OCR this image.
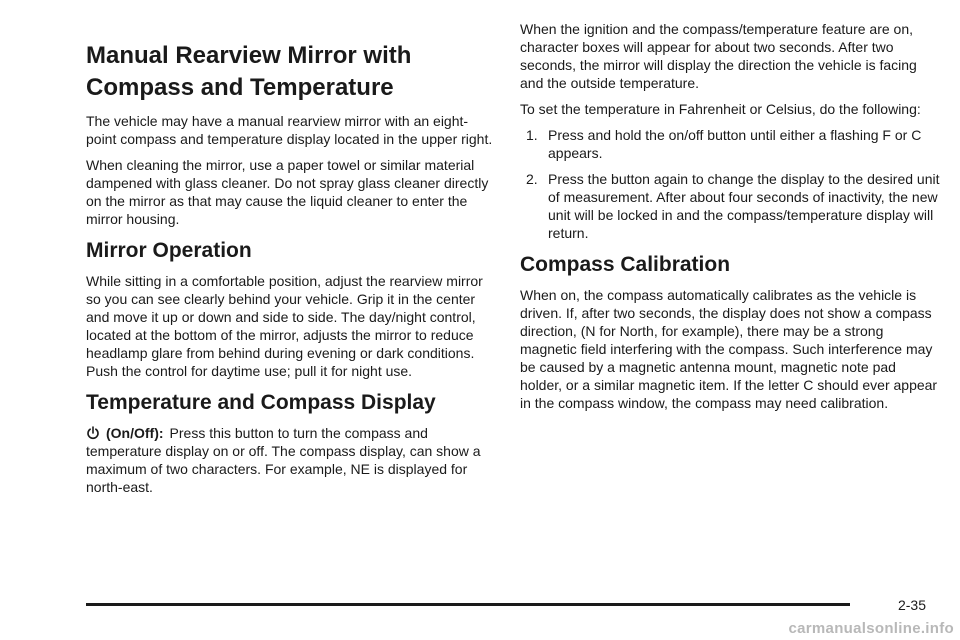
Manual Rearview Mirror with Compass and Temperature

The vehicle may have a manual rearview mirror with an eight-point compass and temperature display located in the upper right.

When cleaning the mirror, use a paper towel or similar material dampened with glass cleaner. Do not spray glass cleaner directly on the mirror as that may cause the liquid cleaner to enter the mirror housing.

Mirror Operation

While sitting in a comfortable position, adjust the rearview mirror so you can see clearly behind your vehicle. Grip it in the center and move it up or down and side to side. The day/night control, located at the bottom of the mirror, adjusts the mirror to reduce headlamp glare from behind during evening or dark conditions. Push the control for daytime use; pull it for night use.

Temperature and Compass Display

(On/Off): Press this button to turn the compass and temperature display on or off. The compass display, can show a maximum of two characters. For example, NE is displayed for north-east.

When the ignition and the compass/temperature feature are on, character boxes will appear for about two seconds. After two seconds, the mirror will display the direction the vehicle is facing and the outside temperature.

To set the temperature in Fahrenheit or Celsius, do the following:

1. Press and hold the on/off button until either a flashing F or C appears.
2. Press the button again to change the display to the desired unit of measurement. After about four seconds of inactivity, the new unit will be locked in and the compass/temperature display will return.
Compass Calibration

When on, the compass automatically calibrates as the vehicle is driven. If, after two seconds, the display does not show a compass direction, (N for North, for example), there may be a strong magnetic field interfering with the compass. Such interference may be caused by a magnetic antenna mount, magnetic note pad holder, or a similar magnetic item. If the letter C should ever appear in the compass window, the compass may need calibration.

2-35
carmanualsonline.info
